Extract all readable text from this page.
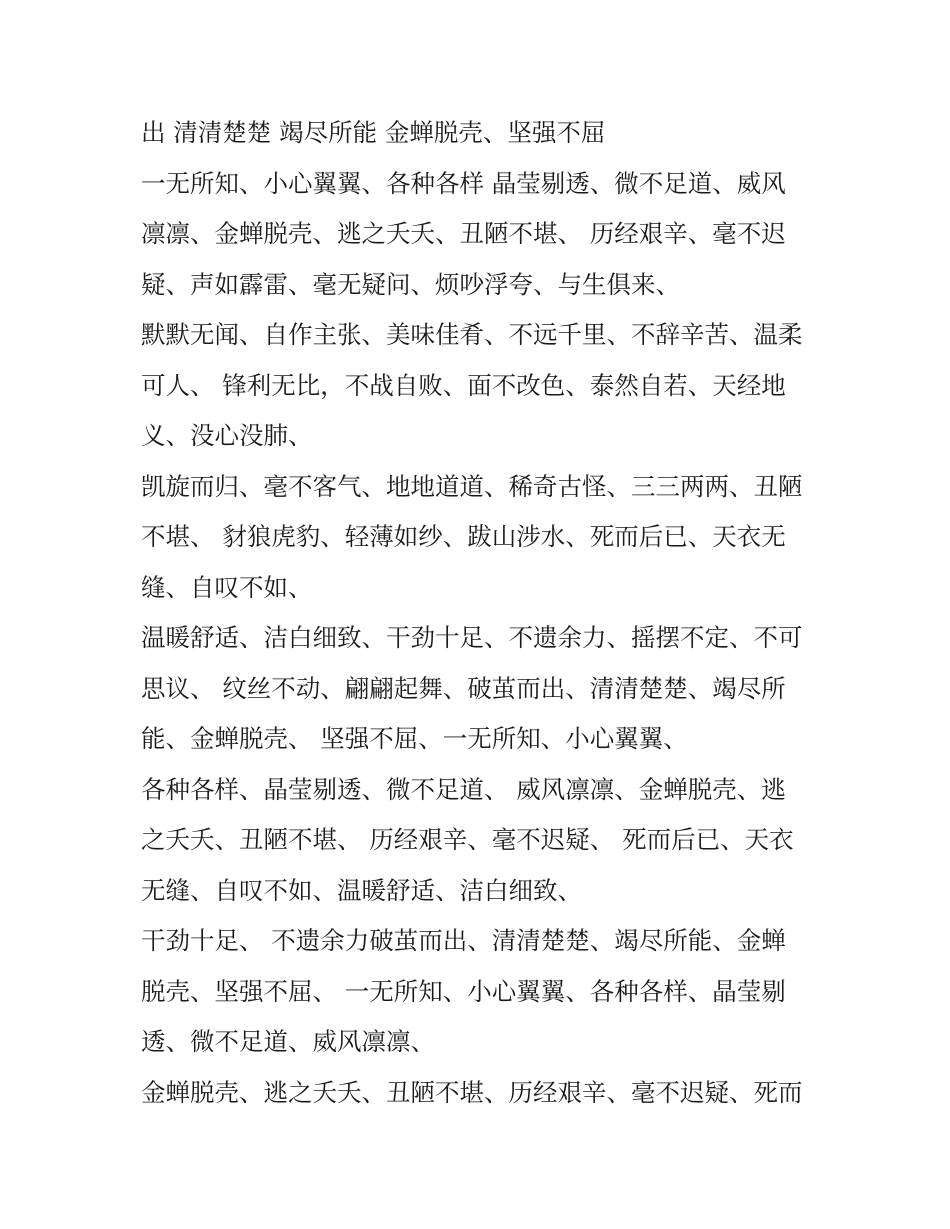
出 清清楚楚 竭尽所能 金蝉脱壳、坚强不屈
一无所知、小心翼翼、各种各样 晶莹剔透、微不足道、威风
凛凛、金蝉脱壳、逃之夭夭、丑陋不堪、 历经艰辛、毫不迟
疑、声如霹雷、毫无疑问、烦吵浮夸、与生俱来、
默默无闻、自作主张、美味佳肴、不远千里、不辞辛苦、温柔
可人、 锋利无比，不战自败、面不改色、泰然自若、天经地
义、没心没肺、
凯旋而归、毫不客气、地地道道、稀奇古怪、三三两两、丑陋
不堪、 豺狼虎豹、轻薄如纱、跋山涉水、死而后已、天衣无
缝、自叹不如、
温暖舒适、洁白细致、干劲十足、不遗余力、摇摆不定、不可
思议、 纹丝不动、翩翩起舞、破茧而出、清清楚楚、竭尽所
能、金蝉脱壳、 坚强不屈、一无所知、小心翼翼、
各种各样、晶莹剔透、微不足道、 威风凛凛、金蝉脱壳、逃
之夭夭、丑陋不堪、 历经艰辛、毫不迟疑、 死而后已、天衣
无缝、自叹不如、温暖舒适、洁白细致、
干劲十足、 不遗余力破茧而出、清清楚楚、竭尽所能、金蝉
脱壳、坚强不屈、 一无所知、小心翼翼、各种各样、晶莹剔
透、微不足道、威风凛凛、
金蝉脱壳、逃之夭夭、丑陋不堪、历经艰辛、毫不迟疑、死而
